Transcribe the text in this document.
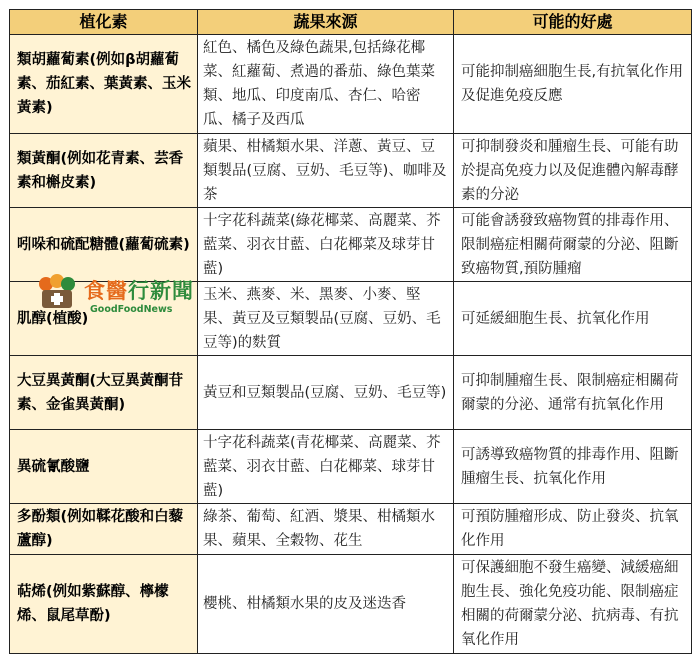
植化素	蔬果來源	可能的好處

類胡蘿蔔素(例如β胡蘿蔔素、茄紅素、葉黃素、玉米黃素)	紅色、橘色及綠色蔬果,包括綠花椰菜、紅蘿蔔、煮過的番茄、綠色葉菜類、地瓜、印度南瓜、杏仁、哈密瓜、橘子及西瓜	可能抑制癌細胞生長,有抗氧化作用及促進免疫反應

類黃酮(例如花青素、芸香素和槲皮素)	蘋果、柑橘類水果、洋蔥、黃豆、豆類製品(豆腐、豆奶、毛豆等)、咖啡及茶	可抑制發炎和腫瘤生長、可能有助於提高免疫力以及促進體內解毒酵素的分泌

吲哚和硫配糖體(蘿蔔硫素)	十字花科蔬菜(綠花椰菜、高麗菜、芥藍菜、羽衣甘藍、白花椰菜及球芽甘藍)	可能會誘發致癌物質的排毒作用、限制癌症相關荷爾蒙的分泌、阻斷致癌物質,預防腫瘤

肌醇(植酸)	玉米、燕麥、米、黑麥、小麥、堅果、黃豆及豆類製品(豆腐、豆奶、毛豆等)的麩質	可延緩細胞生長、抗氧化作用

大豆異黃酮(大豆異黃酮苷素、金雀異黃酮)	黃豆和豆類製品(豆腐、豆奶、毛豆等)	可抑制腫瘤生長、限制癌症相關荷爾蒙的分泌、通常有抗氧化作用

異硫氰酸鹽	十字花科蔬菜(青花椰菜、高麗菜、芥藍菜、羽衣甘藍、白花椰菜、球芽甘藍)	可誘導致癌物質的排毒作用、阻斷腫瘤生長、抗氧化作用

多酚類(例如鞣花酸和白藜蘆醇)	綠茶、葡萄、紅酒、漿果、柑橘類水果、蘋果、全穀物、花生	可預防腫瘤形成、防止發炎、抗氧化作用

萜烯(例如紫蘇醇、檸檬烯、鼠尾草酚)	櫻桃、柑橘類水果的皮及迷迭香	可保護細胞不發生癌變、減緩癌細胞生長、強化免疫功能、限制癌症相關的荷爾蒙分泌、抗病毒、有抗氧化作用
食醫行新聞
GoodFoodNews
